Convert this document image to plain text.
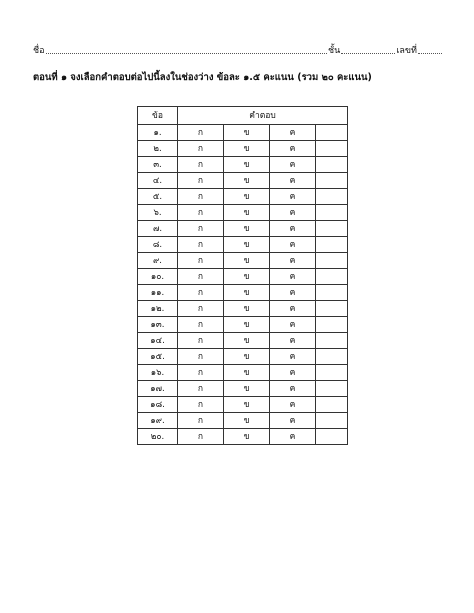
ชื่อ	ชั้น	เลขที่
ตอนที่ ๑ จงเลือกคำตอบต่อไปนี้ลงในช่องว่าง ข้อละ ๑.๕ คะแนน (รวม ๒๐ คะแนน)
ข้อ	คำตอบ			
๑.	ก	ข	ค	
๒.	ก	ข	ค	
๓.	ก	ข	ค	
๔.	ก	ข	ค	
๕.	ก	ข	ค	
๖.	ก	ข	ค	
๗.	ก	ข	ค	
๘.	ก	ข	ค	
๙.	ก	ข	ค	
๑๐.	ก	ข	ค	
๑๑.	ก	ข	ค	
๑๒.	ก	ข	ค	
๑๓.	ก	ข	ค	
๑๔.	ก	ข	ค	
๑๕.	ก	ข	ค	
๑๖.	ก	ข	ค	
๑๗.	ก	ข	ค	
๑๘.	ก	ข	ค	
๑๙.	ก	ข	ค	
๒๐.	ก	ข	ค	
